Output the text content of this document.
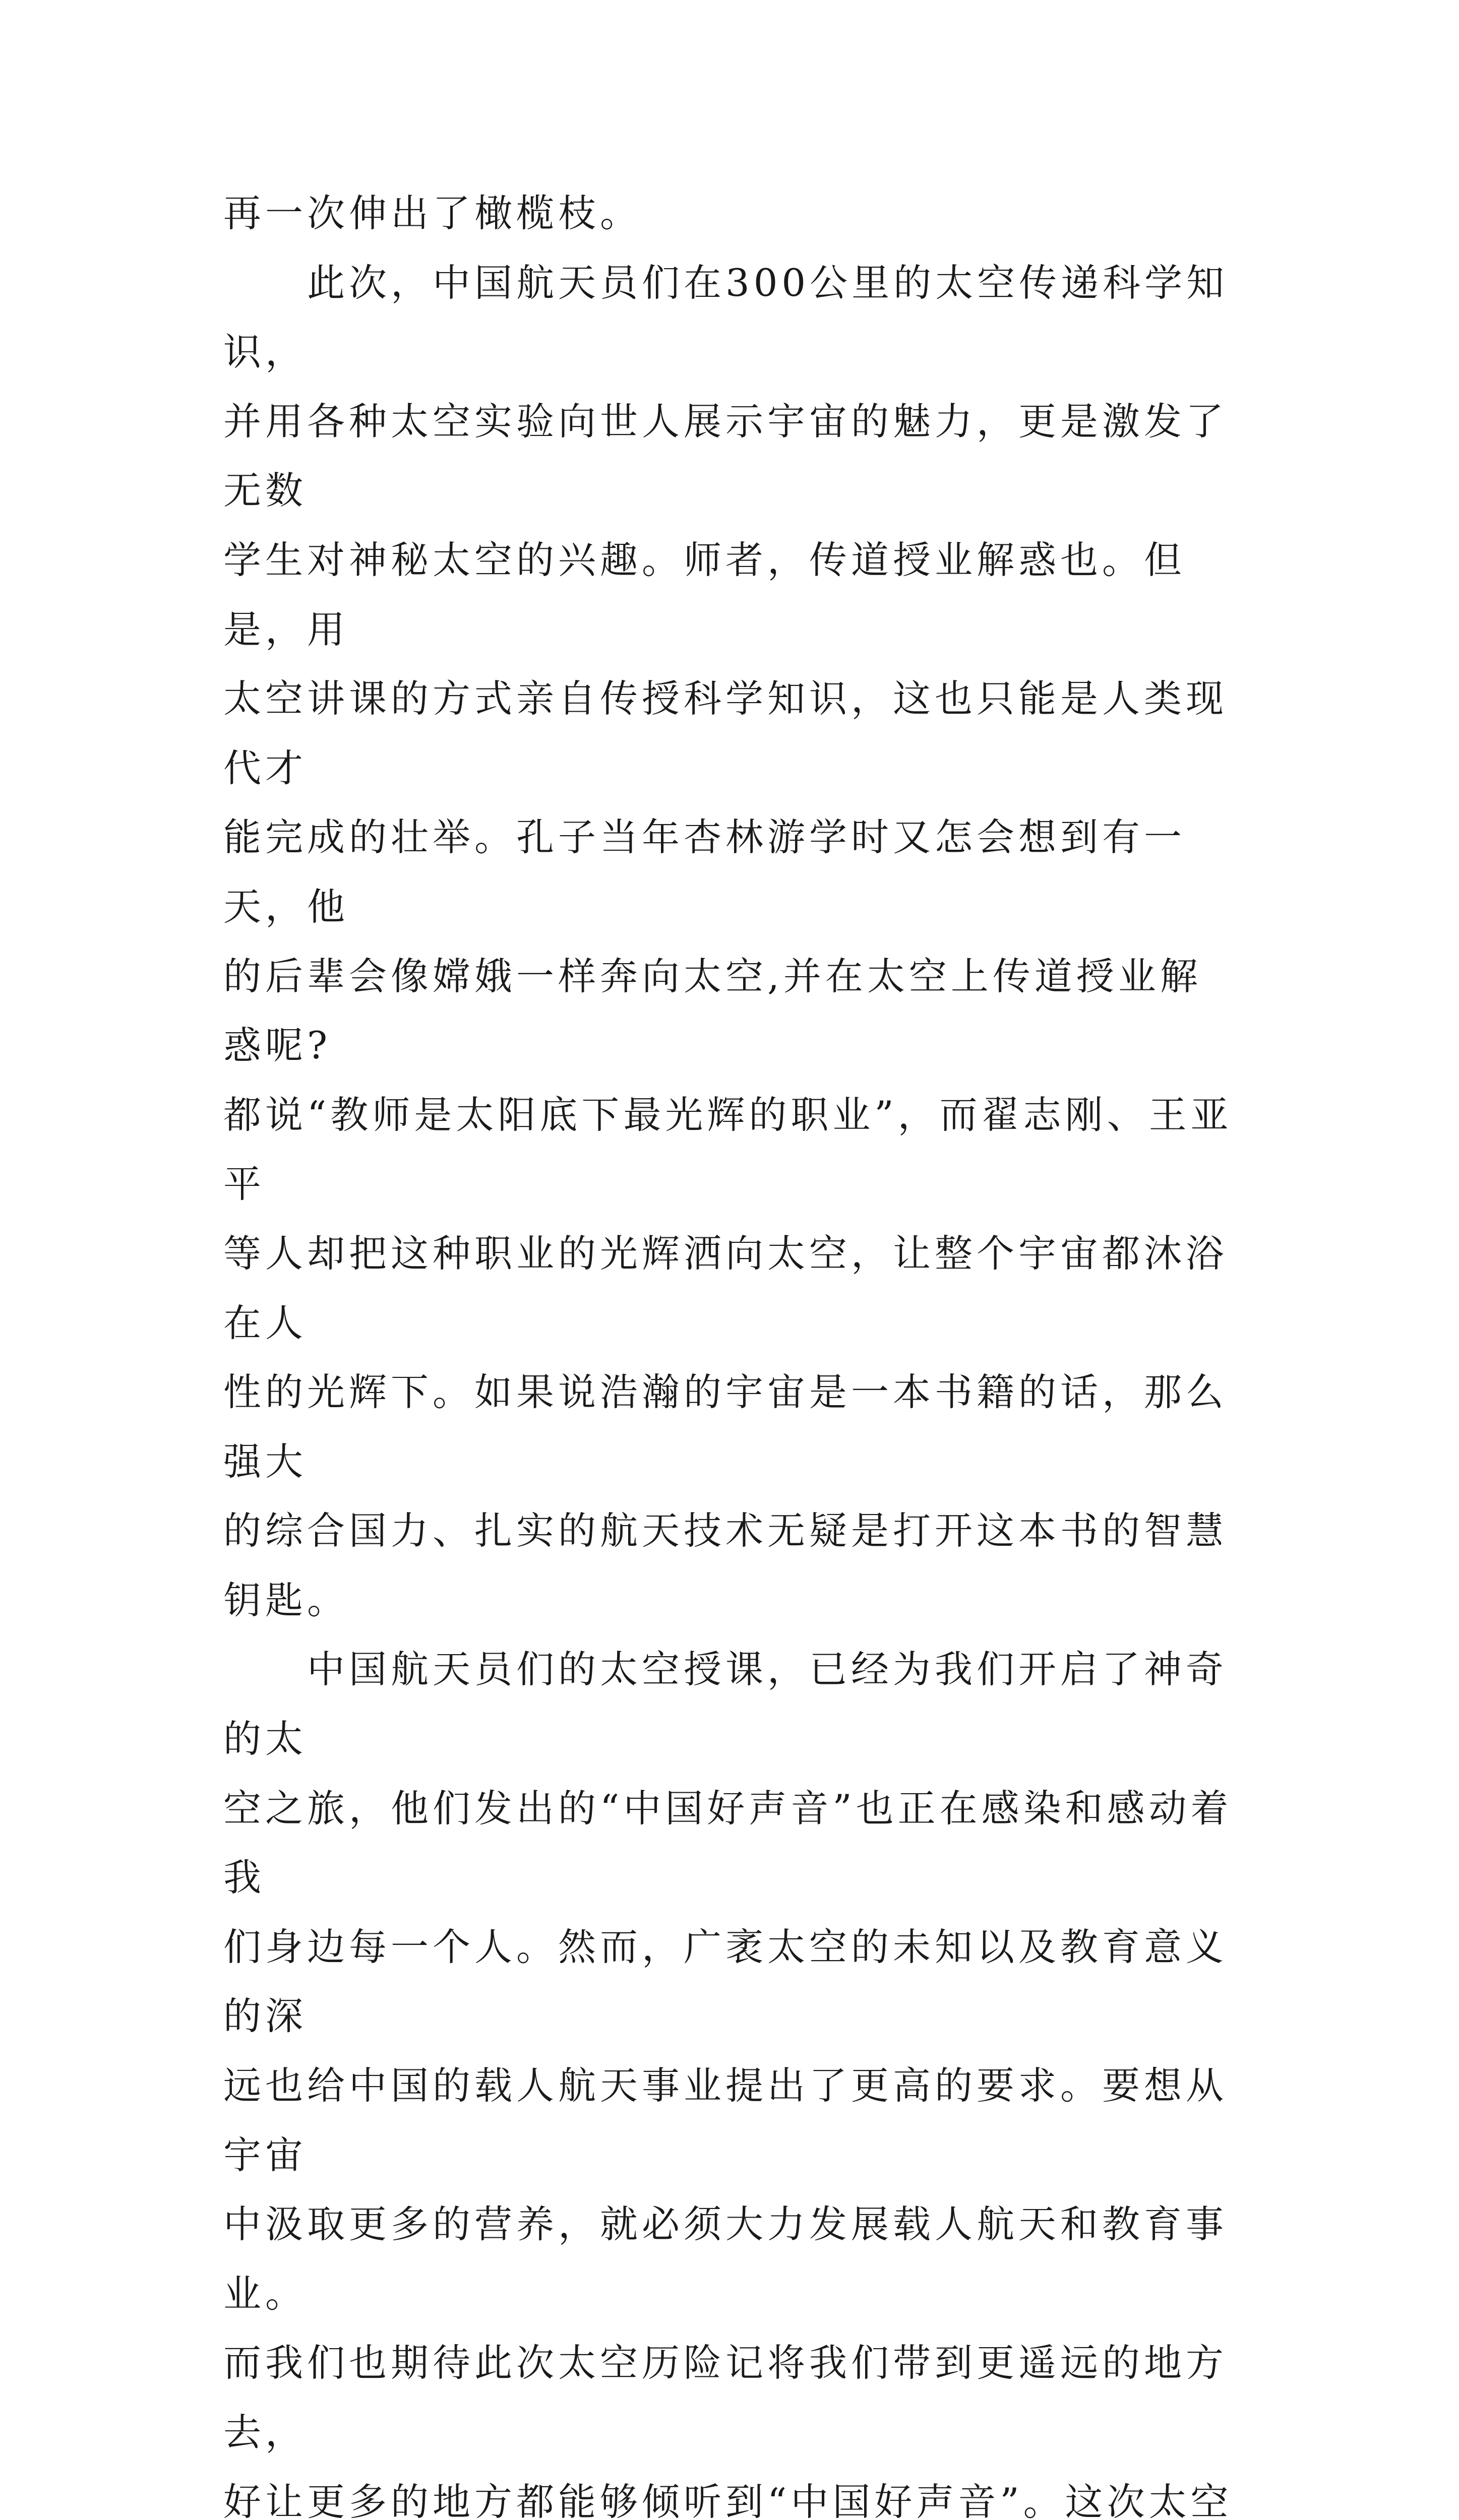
再一次伸出了橄榄枝。
此次，中国航天员们在300公里的太空传递科学知识，
并用各种太空实验向世人展示宇宙的魅力，更是激发了无数
学生对神秘太空的兴趣。师者，传道授业解惑也。但是，用
太空讲课的方式亲自传授科学知识，这也只能是人类现代才
能完成的壮举。孔子当年杏林游学时又怎会想到有一天，他
的后辈会像嫦娥一样奔向太空,并在太空上传道授业解惑呢?
都说“教师是太阳底下最光辉的职业”，而翟志刚、王亚平
等人却把这种职业的光辉洒向太空，让整个宇宙都沐浴在人
性的光辉下。如果说浩瀚的宇宙是一本书籍的话，那么强大
的综合国力、扎实的航天技术无疑是打开这本书的智慧钥匙。
中国航天员们的太空授课，已经为我们开启了神奇的太
空之旅，他们发出的“中国好声音”也正在感染和感动着我
们身边每一个人。然而，广袤太空的未知以及教育意义的深
远也给中国的载人航天事业提出了更高的要求。要想从宇宙
中汲取更多的营养，就必须大力发展载人航天和教育事业。
而我们也期待此次太空历险记将我们带到更遥远的地方去，
好让更多的地方都能够倾听到“中国好声音”。这次太空
